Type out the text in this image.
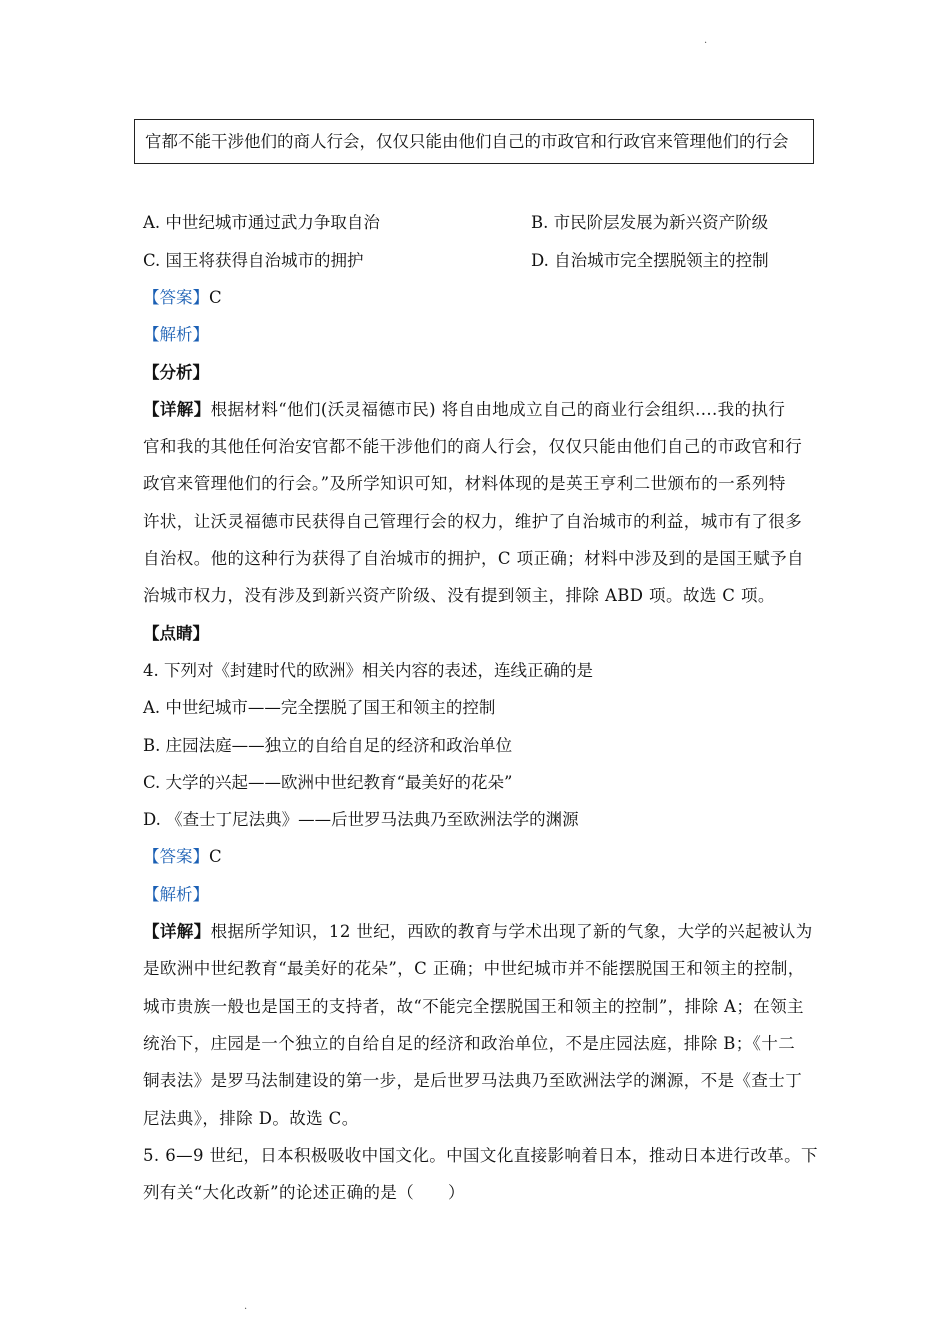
.
官都不能干涉他们的商人行会，仅仅只能由他们自己的市政官和行政官来管理他们的行会
A. 中世纪城市通过武力争取自治	B. 市民阶层发展为新兴资产阶级
C. 国王将获得自治城市的拥护	D. 自治城市完全摆脱领主的控制
【答案】C
【解析】
【分析】
【详解】根据材料“他们(沃灵福德市民) 将自由地成立自己的商业行会组织....我的执行
官和我的其他任何治安官都不能干涉他们的商人行会，仅仅只能由他们自己的市政官和行
政官来管理他们的行会。”及所学知识可知，材料体现的是英王亨利二世颁布的一系列特
许状，让沃灵福德市民获得自己管理行会的权力，维护了自治城市的利益，城市有了很多
自治权。他的这种行为获得了自治城市的拥护，C 项正确；材料中涉及到的是国王赋予自
治城市权力，没有涉及到新兴资产阶级、没有提到领主，排除 ABD 项。故选 C 项。
【点睛】
4. 下列对《封建时代的欧洲》相关内容的表述，连线正确的是
A. 中世纪城市——完全摆脱了国王和领主的控制
B. 庄园法庭——独立的自给自足的经济和政治单位
C. 大学的兴起——欧洲中世纪教育“最美好的花朵”
D. 《查士丁尼法典》——后世罗马法典乃至欧洲法学的渊源
【答案】C
【解析】
【详解】根据所学知识，12 世纪，西欧的教育与学术出现了新的气象，大学的兴起被认为
是欧洲中世纪教育“最美好的花朵”，C 正确；中世纪城市并不能摆脱国王和领主的控制，
城市贵族一般也是国王的支持者，故“不能完全摆脱国王和领主的控制”，排除 A；在领主
统治下，庄园是一个独立的自给自足的经济和政治单位，不是庄园法庭，排除 B；《十二
铜表法》是罗马法制建设的第一步，是后世罗马法典乃至欧洲法学的渊源，不是《查士丁
尼法典》，排除 D。故选 C。
5. 6—9 世纪，日本积极吸收中国文化。中国文化直接影响着日本，推动日本进行改革。下
列有关“大化改新”的论述正确的是（　　）
.
